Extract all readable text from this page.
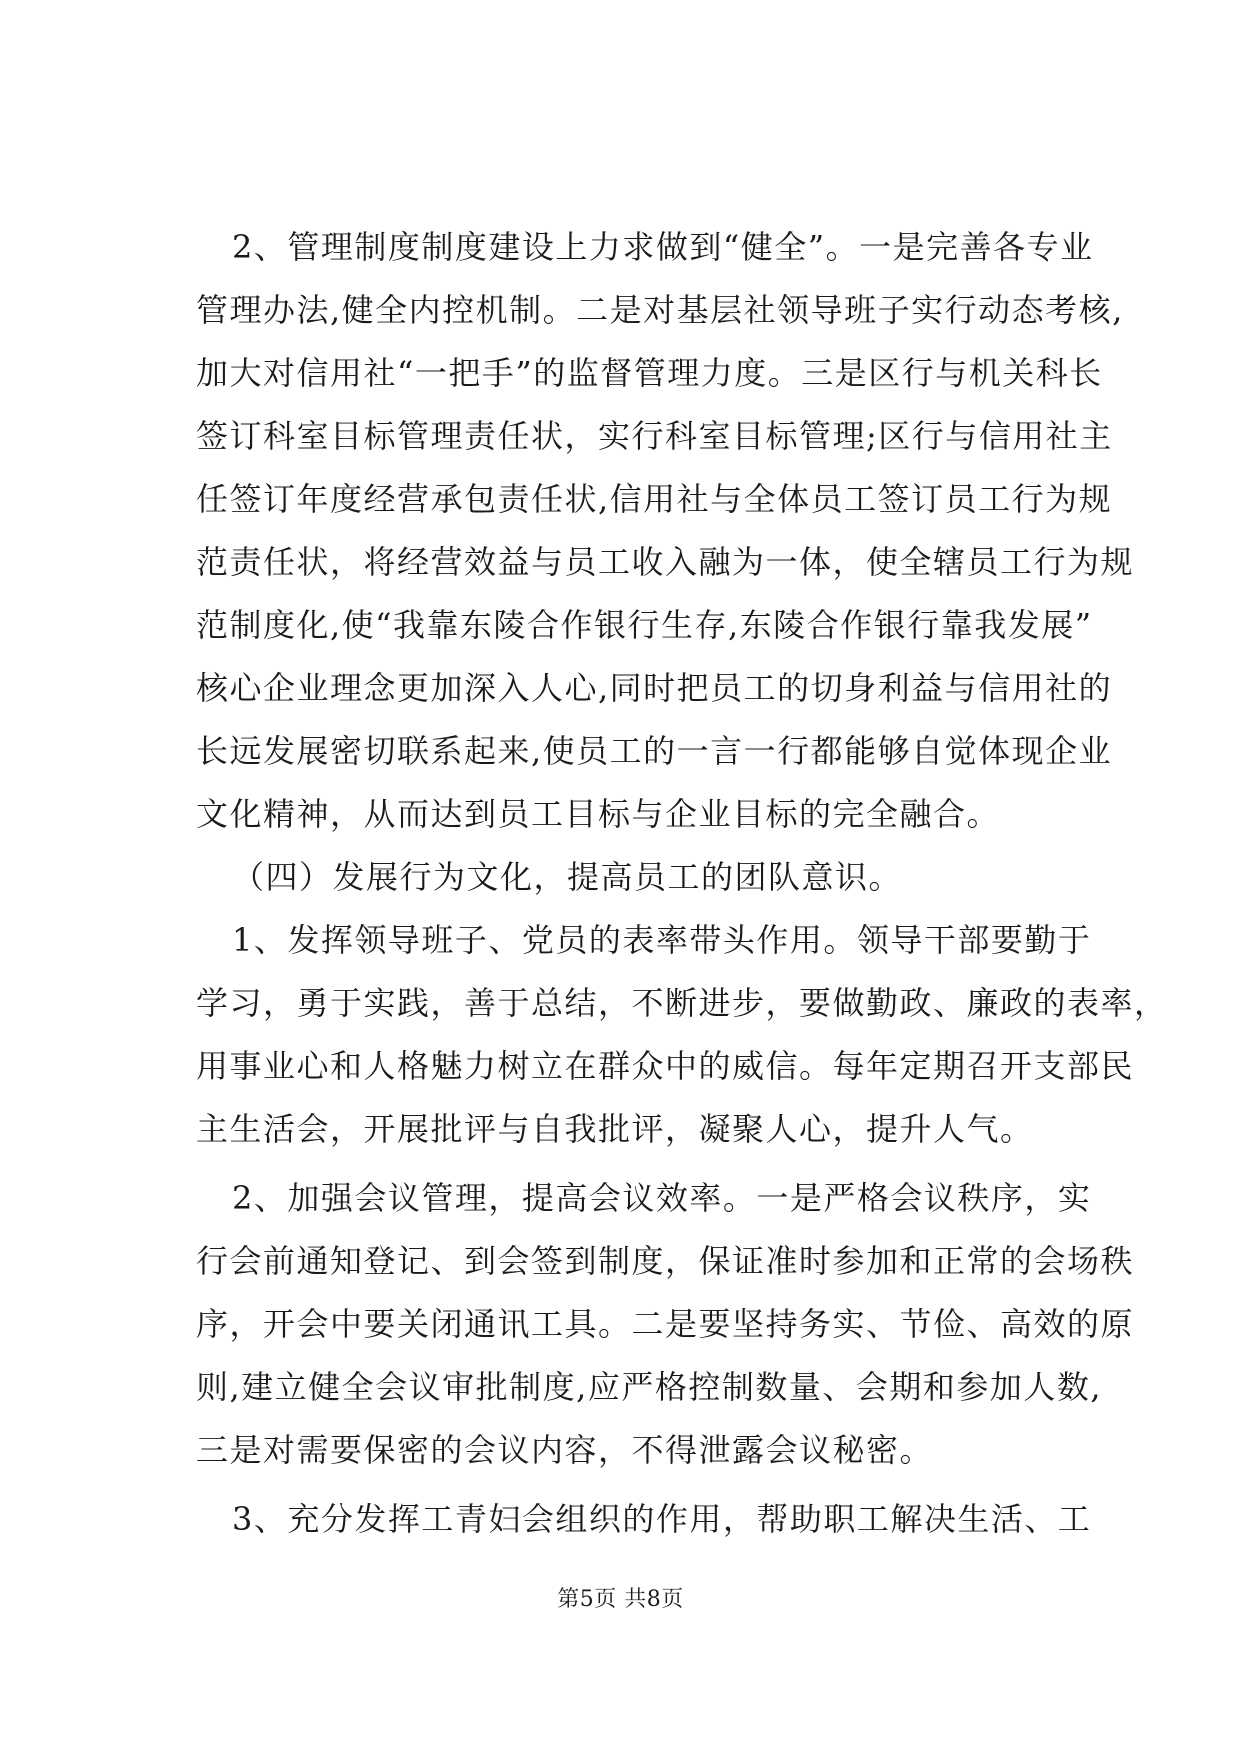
2、管理制度制度建设上力求做到“健全”。一是完善各专业
管理办法,健全内控机制。二是对基层社领导班子实行动态考核,
加大对信用社“一把手”的监督管理力度。三是区行与机关科长
签订科室目标管理责任状，实行科室目标管理;区行与信用社主
任签订年度经营承包责任状,信用社与全体员工签订员工行为规
范责任状，将经营效益与员工收入融为一体，使全辖员工行为规
范制度化,使“我靠东陵合作银行生存,东陵合作银行靠我发展”
核心企业理念更加深入人心,同时把员工的切身利益与信用社的
长远发展密切联系起来,使员工的一言一行都能够自觉体现企业
文化精神，从而达到员工目标与企业目标的完全融合。
（四）发展行为文化，提高员工的团队意识。
1、发挥领导班子、党员的表率带头作用。领导干部要勤于
学习，勇于实践，善于总结，不断进步，要做勤政、廉政的表率，
用事业心和人格魅力树立在群众中的威信。每年定期召开支部民
主生活会，开展批评与自我批评，凝聚人心，提升人气。
2、加强会议管理，提高会议效率。一是严格会议秩序，实
行会前通知登记、到会签到制度，保证准时参加和正常的会场秩
序，开会中要关闭通讯工具。二是要坚持务实、节俭、高效的原
则,建立健全会议审批制度,应严格控制数量、会期和参加人数,
三是对需要保密的会议内容，不得泄露会议秘密。
3、充分发挥工青妇会组织的作用，帮助职工解决生活、工
第5页 共8页
